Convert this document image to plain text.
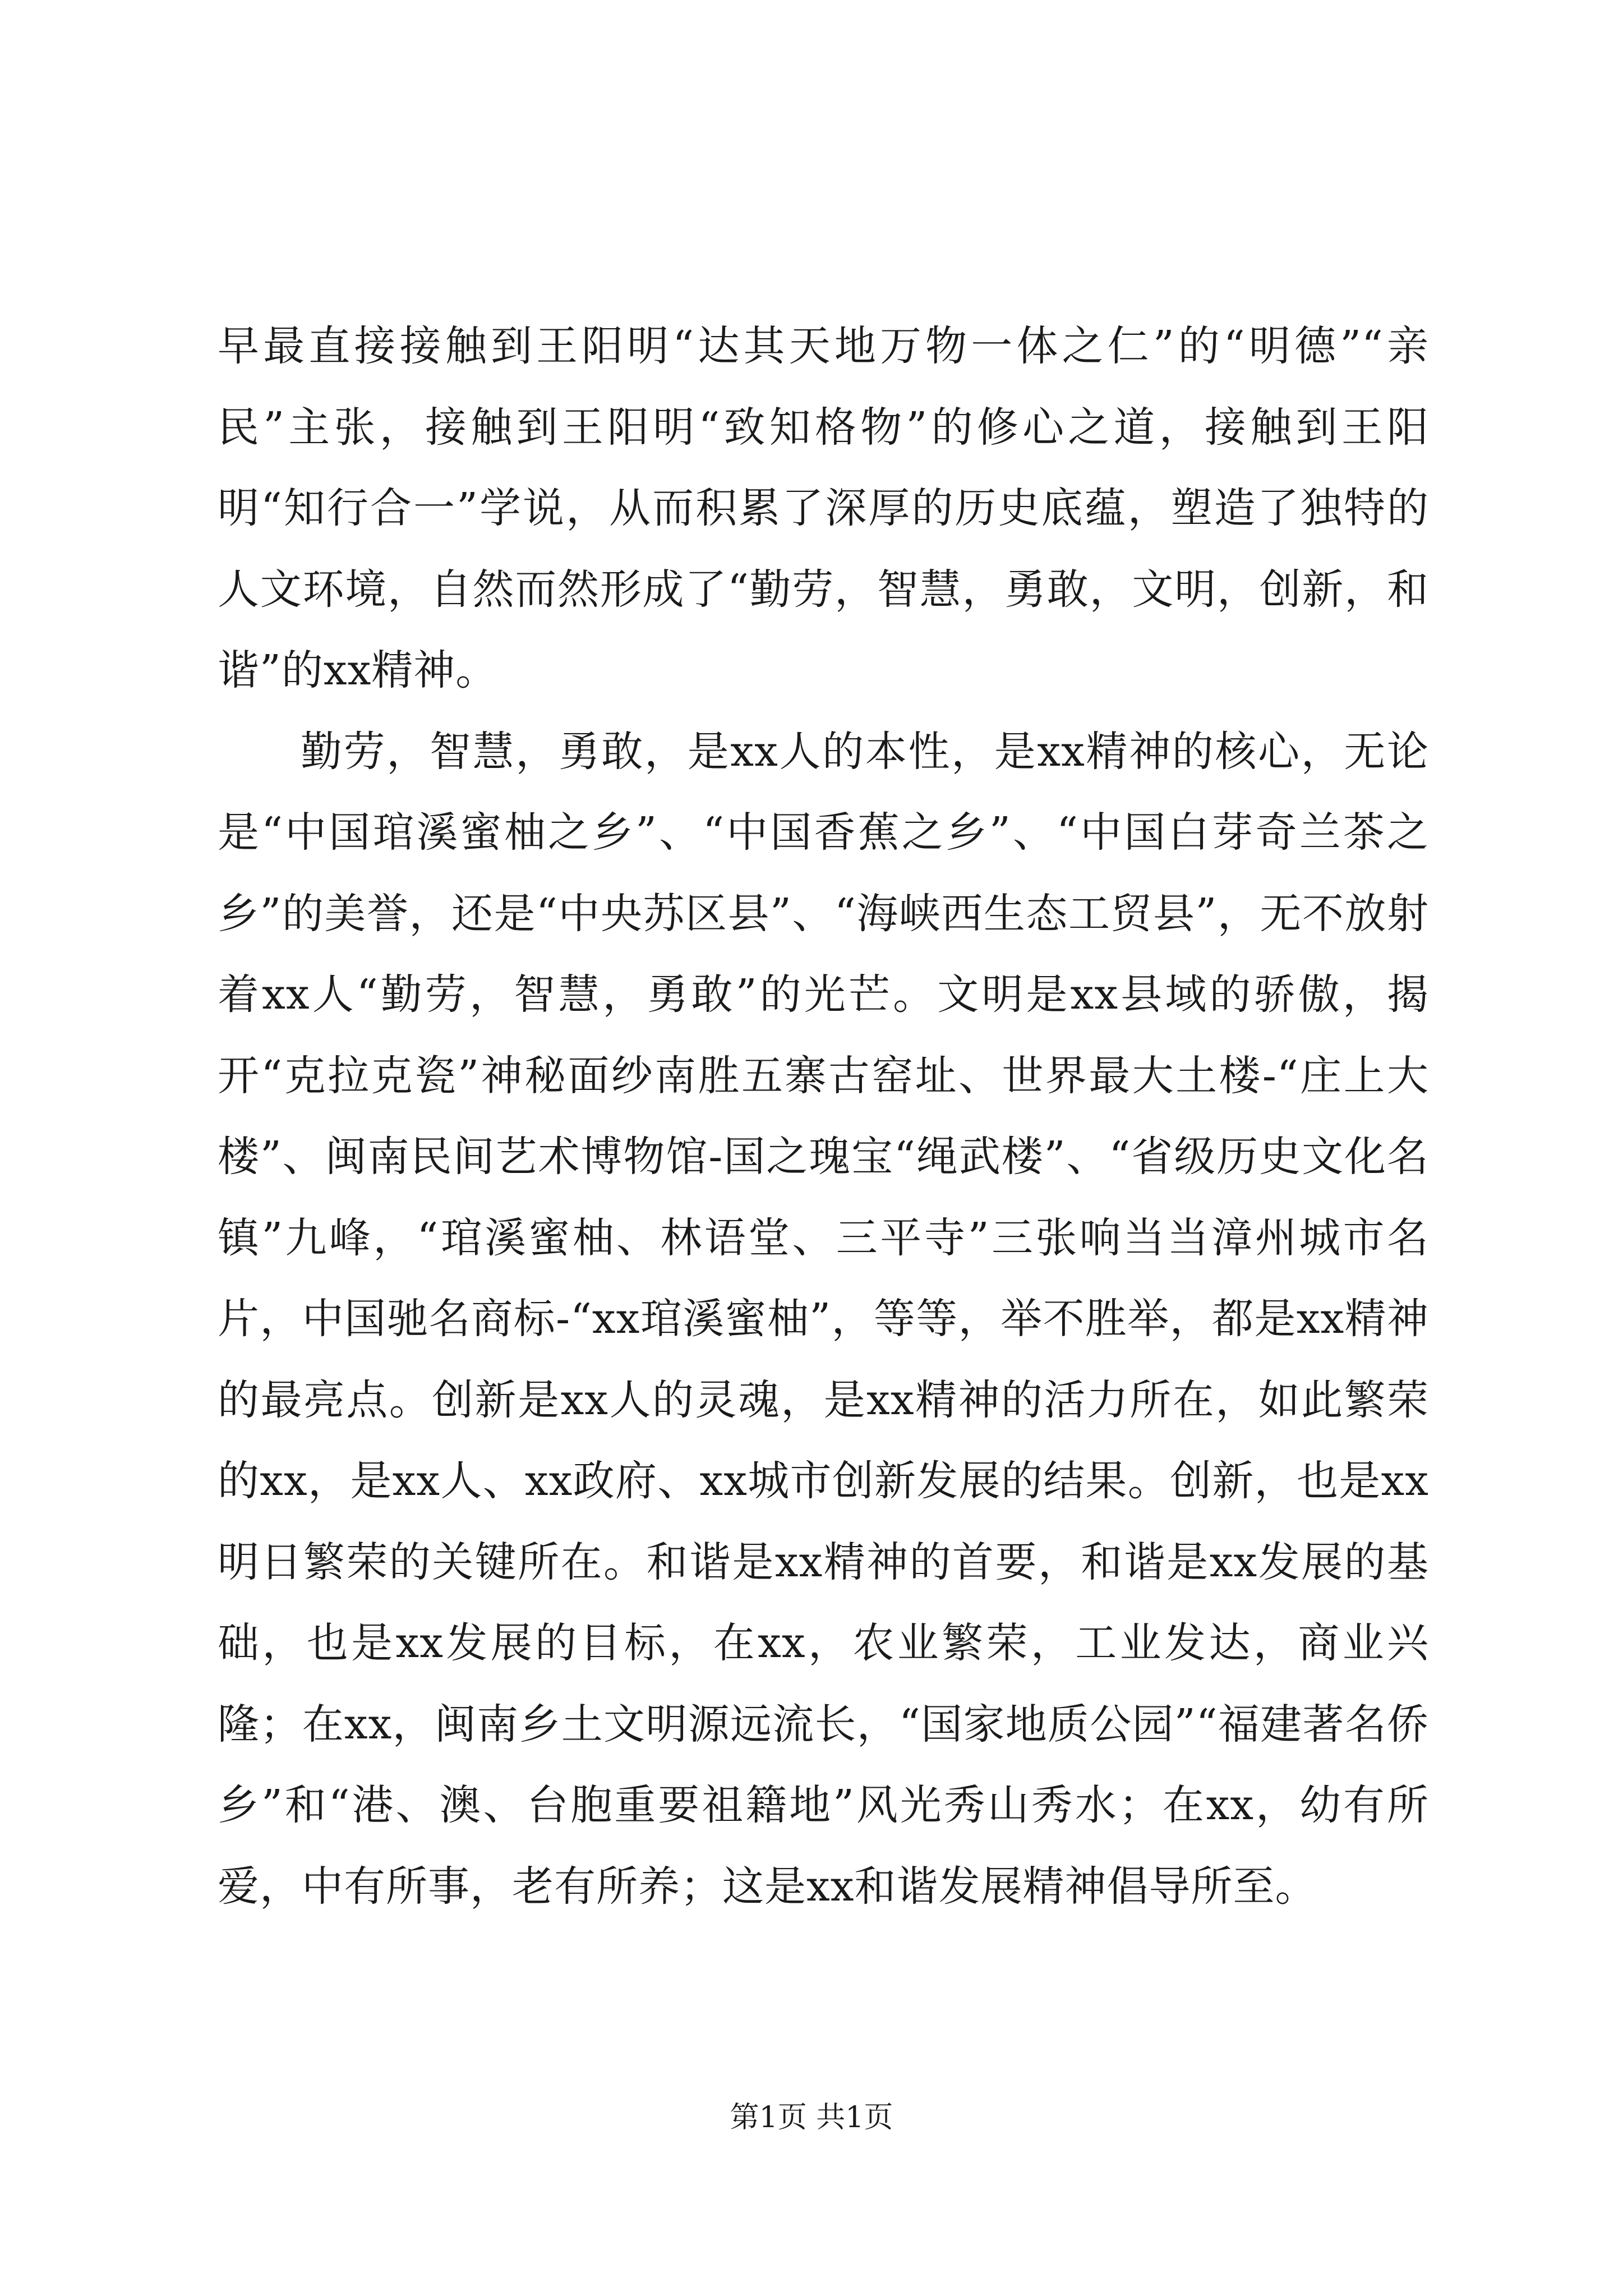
早最直接接触到王阳明“达其天地万物一体之仁”的“明德”“亲民”主张，接触到王阳明“致知格物”的修心之道，接触到王阳明“知行合一”学说，从而积累了深厚的历史底蕴，塑造了独特的人文环境，自然而然形成了“勤劳，智慧，勇敢，文明，创新，和谐”的xx精神。

勤劳，智慧，勇敢，是xx人的本性，是xx精神的核心，无论是“中国琯溪蜜柚之乡”、“中国香蕉之乡”、“中国白芽奇兰茶之乡”的美誉，还是“中央苏区县”、“海峡西生态工贸县”，无不放射着xx人“勤劳，智慧，勇敢”的光芒。文明是xx县域的骄傲，揭开“克拉克瓷”神秘面纱南胜五寨古窑址、世界最大土楼-“庄上大楼”、闽南民间艺术博物馆-国之瑰宝“绳武楼”、“省级历史文化名镇”九峰，“琯溪蜜柚、林语堂、三平寺”三张响当当漳州城市名片，中国驰名商标-“xx琯溪蜜柚”，等等，举不胜举，都是xx精神的最亮点。创新是xx人的灵魂，是xx精神的活力所在，如此繁荣的xx，是xx人、xx政府、xx城市创新发展的结果。创新，也是xx明日繁荣的关键所在。和谐是xx精神的首要，和谐是xx发展的基础，也是xx发展的目标，在xx，农业繁荣，工业发达，商业兴隆；在xx，闽南乡土文明源远流长，“国家地质公园”“福建著名侨乡”和“港、澳、台胞重要祖籍地”风光秀山秀水；在xx，幼有所爱，中有所事，老有所养；这是xx和谐发展精神倡导所至。

第1页 共1页
